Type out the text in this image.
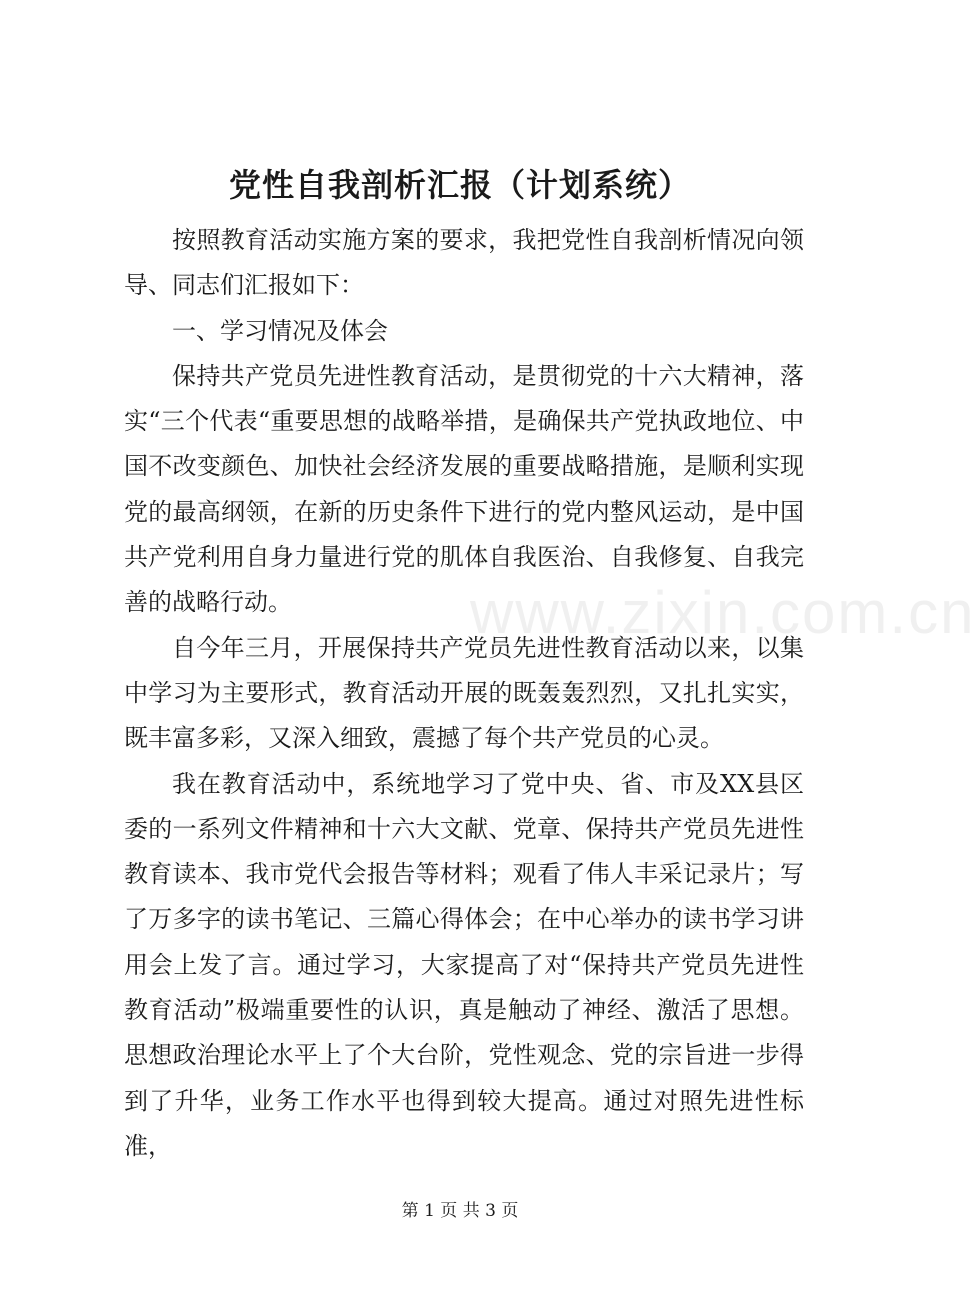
党性自我剖析汇报（计划系统）

按照教育活动实施方案的要求，我把党性自我剖析情况向领导、同志们汇报如下：

一、学习情况及体会

保持共产党员先进性教育活动，是贯彻党的十六大精神，落实“三个代表“重要思想的战略举措，是确保共产党执政地位、中国不改变颜色、加快社会经济发展的重要战略措施，是顺利实现党的最高纲领，在新的历史条件下进行的党内整风运动，是中国共产党利用自身力量进行党的肌体自我医治、自我修复、自我完善的战略行动。

自今年三月，开展保持共产党员先进性教育活动以来，以集中学习为主要形式，教育活动开展的既轰轰烈烈，又扎扎实实，既丰富多彩，又深入细致，震撼了每个共产党员的心灵。

我在教育活动中，系统地学习了党中央、省、市及XX县区委的一系列文件精神和十六大文献、党章、保持共产党员先进性教育读本、我市党代会报告等材料；观看了伟人丰采记录片；写了万多字的读书笔记、三篇心得体会；在中心举办的读书学习讲用会上发了言。通过学习，大家提高了对“保持共产党员先进性教育活动”极端重要性的认识，真是触动了神经、激活了思想。思想政治理论水平上了个大台阶，党性观念、党的宗旨进一步得到了升华，业务工作水平也得到较大提高。通过对照先进性标准，

www.zixin.com.cn
第 1 页 共 3 页
